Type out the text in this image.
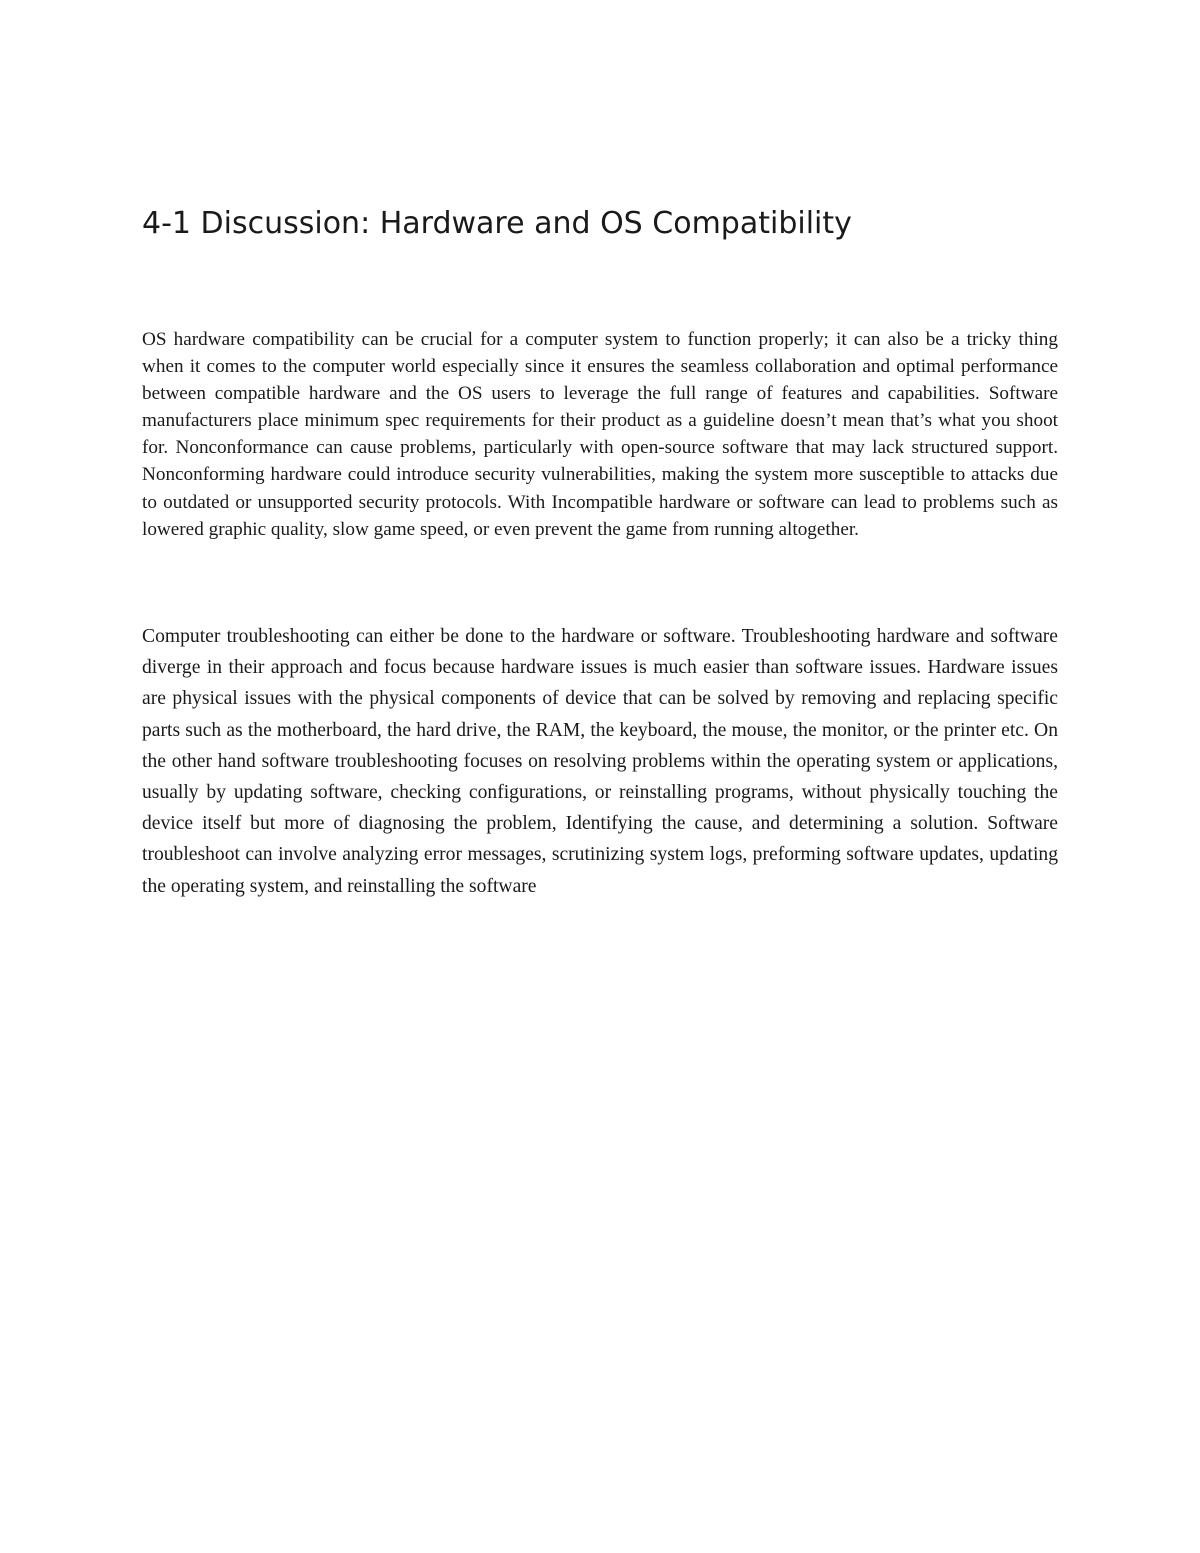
4-1 Discussion: Hardware and OS Compatibility

OS hardware compatibility can be crucial for a computer system to function properly; it can also be a tricky thing when it comes to the computer world especially since it ensures the seamless collaboration and optimal performance between compatible hardware and the OS users to leverage the full range of features and capabilities. Software manufacturers place minimum spec requirements for their product as a guideline doesn’t mean that’s what you shoot for. Nonconformance can cause problems, particularly with open-source software that may lack structured support. Nonconforming hardware could introduce security vulnerabilities, making the system more susceptible to attacks due to outdated or unsupported security protocols. With Incompatible hardware or software can lead to problems such as lowered graphic quality, slow game speed, or even prevent the game from running altogether.

Computer troubleshooting can either be done to the hardware or software. Troubleshooting hardware and software diverge in their approach and focus because hardware issues is much easier than software issues. Hardware issues are physical issues with the physical components of device that can be solved by removing and replacing specific parts such as the motherboard, the hard drive, the RAM, the keyboard, the mouse, the monitor, or the printer etc. On the other hand software troubleshooting focuses on resolving problems within the operating system or applications, usually by updating software, checking configurations, or reinstalling programs, without physically touching the device itself but more of diagnosing the problem, Identifying the cause, and determining a solution. Software troubleshoot can involve analyzing error messages, scrutinizing system logs, preforming software updates, updating the operating system, and reinstalling the software
